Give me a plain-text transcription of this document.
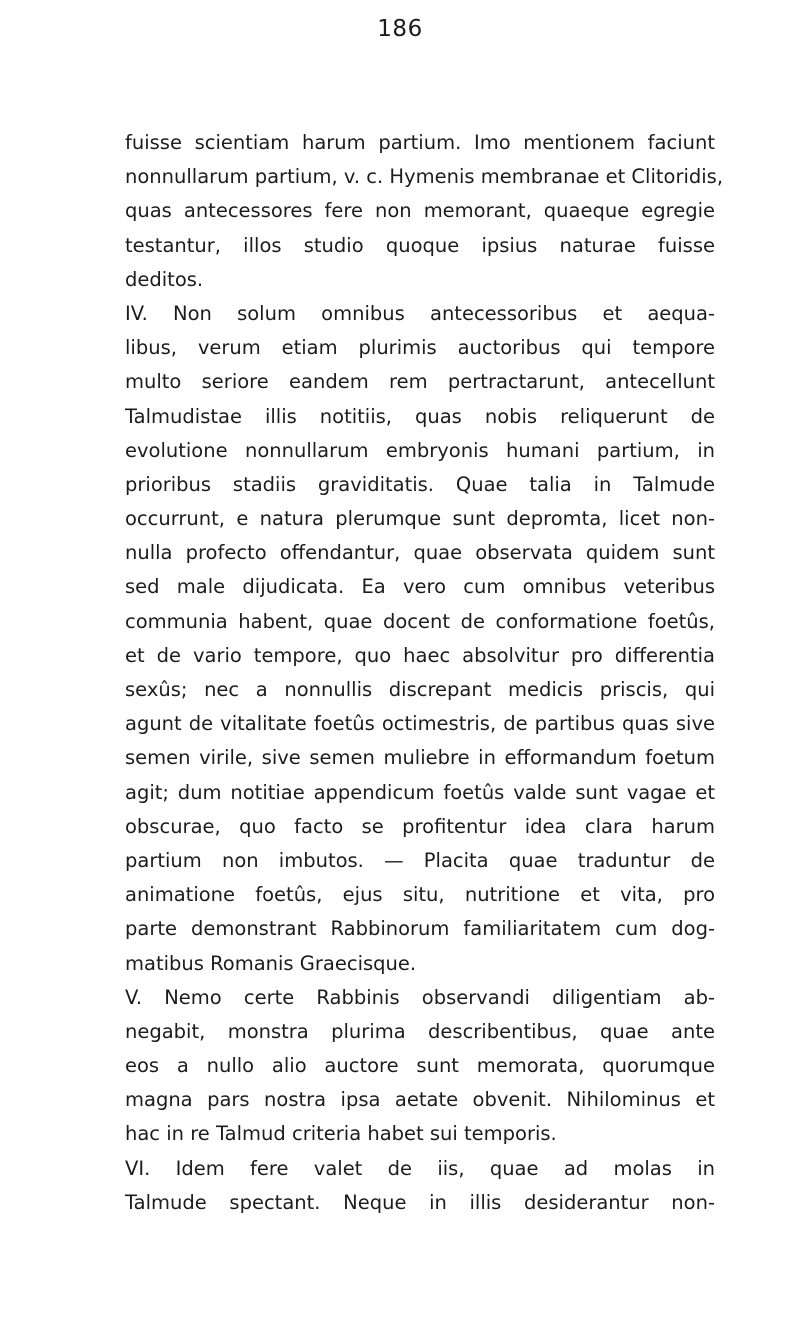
186
fuisse scientiam harum partium. Imo mentionem faciunt
nonnullarum partium, v. c. Hymenis membranae et Clitoridis,
quas antecessores fere non memorant, quaeque egregie
testantur, illos studio quoque ipsius naturae fuisse
deditos.
IV. Non solum omnibus antecessoribus et aequa-
libus, verum etiam plurimis auctoribus qui tempore
multo seriore eandem rem pertractarunt, antecellunt
Talmudistae illis notitiis, quas nobis reliquerunt de
evolutione nonnullarum embryonis humani partium, in
prioribus stadiis graviditatis. Quae talia in Talmude
occurrunt, e natura plerumque sunt depromta, licet non-
nulla profecto offendantur, quae observata quidem sunt
sed male dijudicata. Ea vero cum omnibus veteribus
communia habent, quae docent de conformatione foetûs,
et de vario tempore, quo haec absolvitur pro differentia
sexûs; nec a nonnullis discrepant medicis priscis, qui
agunt de vitalitate foetûs octimestris, de partibus quas sive
semen virile, sive semen muliebre in efformandum foetum
agit; dum notitiae appendicum foetûs valde sunt vagae et
obscurae, quo facto se profitentur idea clara harum
partium non imbutos. — Placita quae traduntur de
animatione foetûs, ejus situ, nutritione et vita, pro
parte demonstrant Rabbinorum familiaritatem cum dog-
matibus Romanis Graecisque.
V. Nemo certe Rabbinis observandi diligentiam ab-
negabit, monstra plurima describentibus, quae ante
eos a nullo alio auctore sunt memorata, quorumque
magna pars nostra ipsa aetate obvenit. Nihilominus et
hac in re Talmud criteria habet sui temporis.
VI. Idem fere valet de iis, quae ad molas in
Talmude spectant. Neque in illis desiderantur non-
